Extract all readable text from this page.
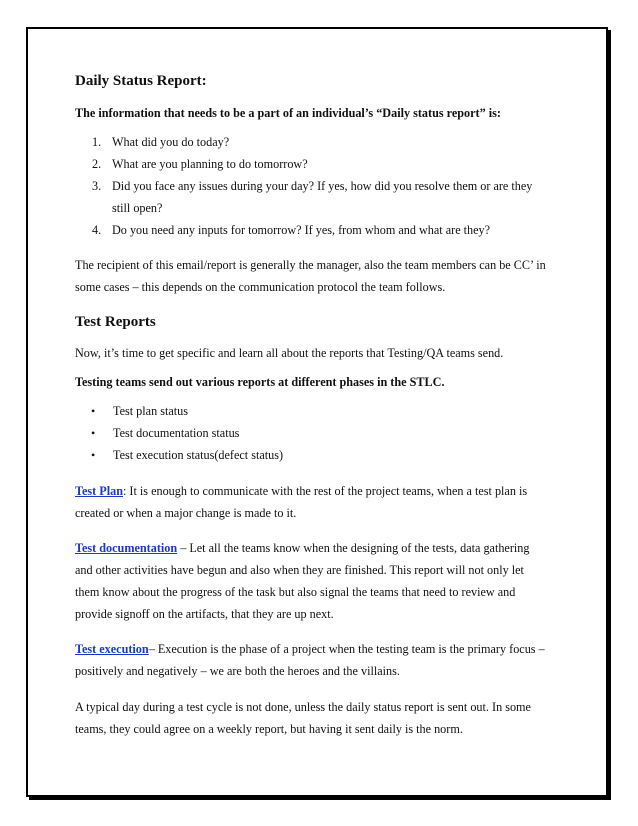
Daily Status Report:
The information that needs to be a part of an individual’s “Daily status report” is:
1. What did you do today?
2. What are you planning to do tomorrow?
3. Did you face any issues during your day? If yes, how did you resolve them or are they
still open?
4. Do you need any inputs for tomorrow? If yes, from whom and what are they?
The recipient of this email/report is generally the manager, also the team members can be CC’ in
some cases – this depends on the communication protocol the team follows.
Test Reports
Now, it’s time to get specific and learn all about the reports that Testing/QA teams send.
Testing teams send out various reports at different phases in the STLC.
• Test plan status
• Test documentation status
• Test execution status(defect status)
Test Plan: It is enough to communicate with the rest of the project teams, when a test plan is
created or when a major change is made to it.
Test documentation – Let all the teams know when the designing of the tests, data gathering
and other activities have begun and also when they are finished. This report will not only let
them know about the progress of the task but also signal the teams that need to review and
provide signoff on the artifacts, that they are up next.
Test execution– Execution is the phase of a project when the testing team is the primary focus –
positively and negatively – we are both the heroes and the villains.
A typical day during a test cycle is not done, unless the daily status report is sent out. In some
teams, they could agree on a weekly report, but having it sent daily is the norm.
